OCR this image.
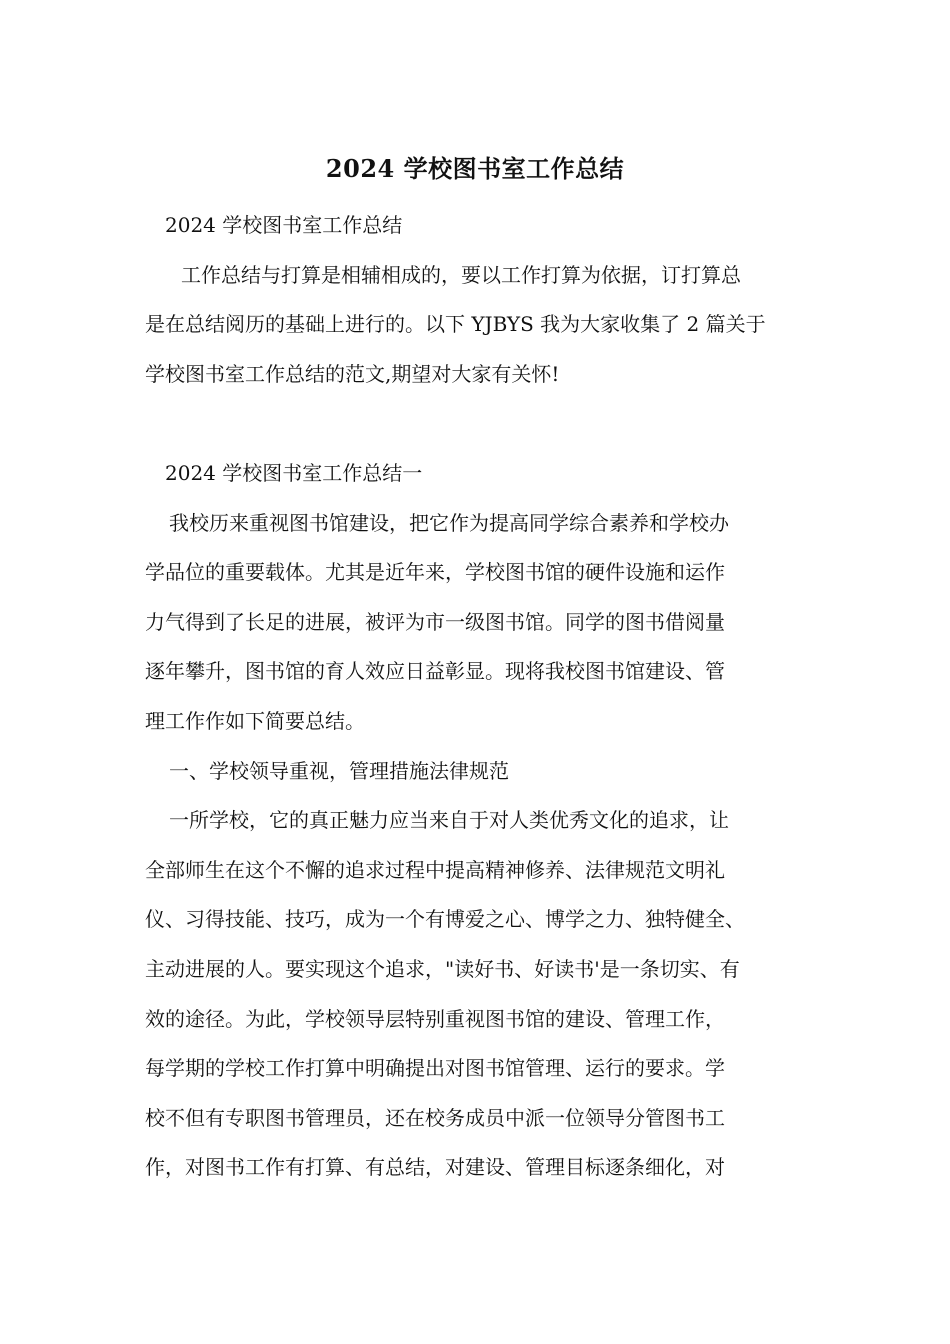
2024 学校图书室工作总结
2024 学校图书室工作总结
工作总结与打算是相辅相成的，要以工作打算为依据，订打算总
是在总结阅历的基础上进行的。以下 YJBYS 我为大家收集了 2 篇关于
学校图书室工作总结的范文,期望对大家有关怀!
2024 学校图书室工作总结一
我校历来重视图书馆建设，把它作为提高同学综合素养和学校办
学品位的重要载体。尤其是近年来，学校图书馆的硬件设施和运作
力气得到了长足的进展，被评为市一级图书馆。同学的图书借阅量
逐年攀升，图书馆的育人效应日益彰显。现将我校图书馆建设、管
理工作作如下简要总结。
一、学校领导重视，管理措施法律规范
一所学校，它的真正魅力应当来自于对人类优秀文化的追求，让
全部师生在这个不懈的追求过程中提高精神修养、法律规范文明礼
仪、习得技能、技巧，成为一个有博爱之心、博学之力、独特健全、
主动进展的人。要实现这个追求，"读好书、好读书'是一条切实、有
效的途径。为此，学校领导层特别重视图书馆的建设、管理工作，
每学期的学校工作打算中明确提出对图书馆管理、运行的要求。学
校不但有专职图书管理员，还在校务成员中派一位领导分管图书工
作，对图书工作有打算、有总结，对建设、管理目标逐条细化，对
